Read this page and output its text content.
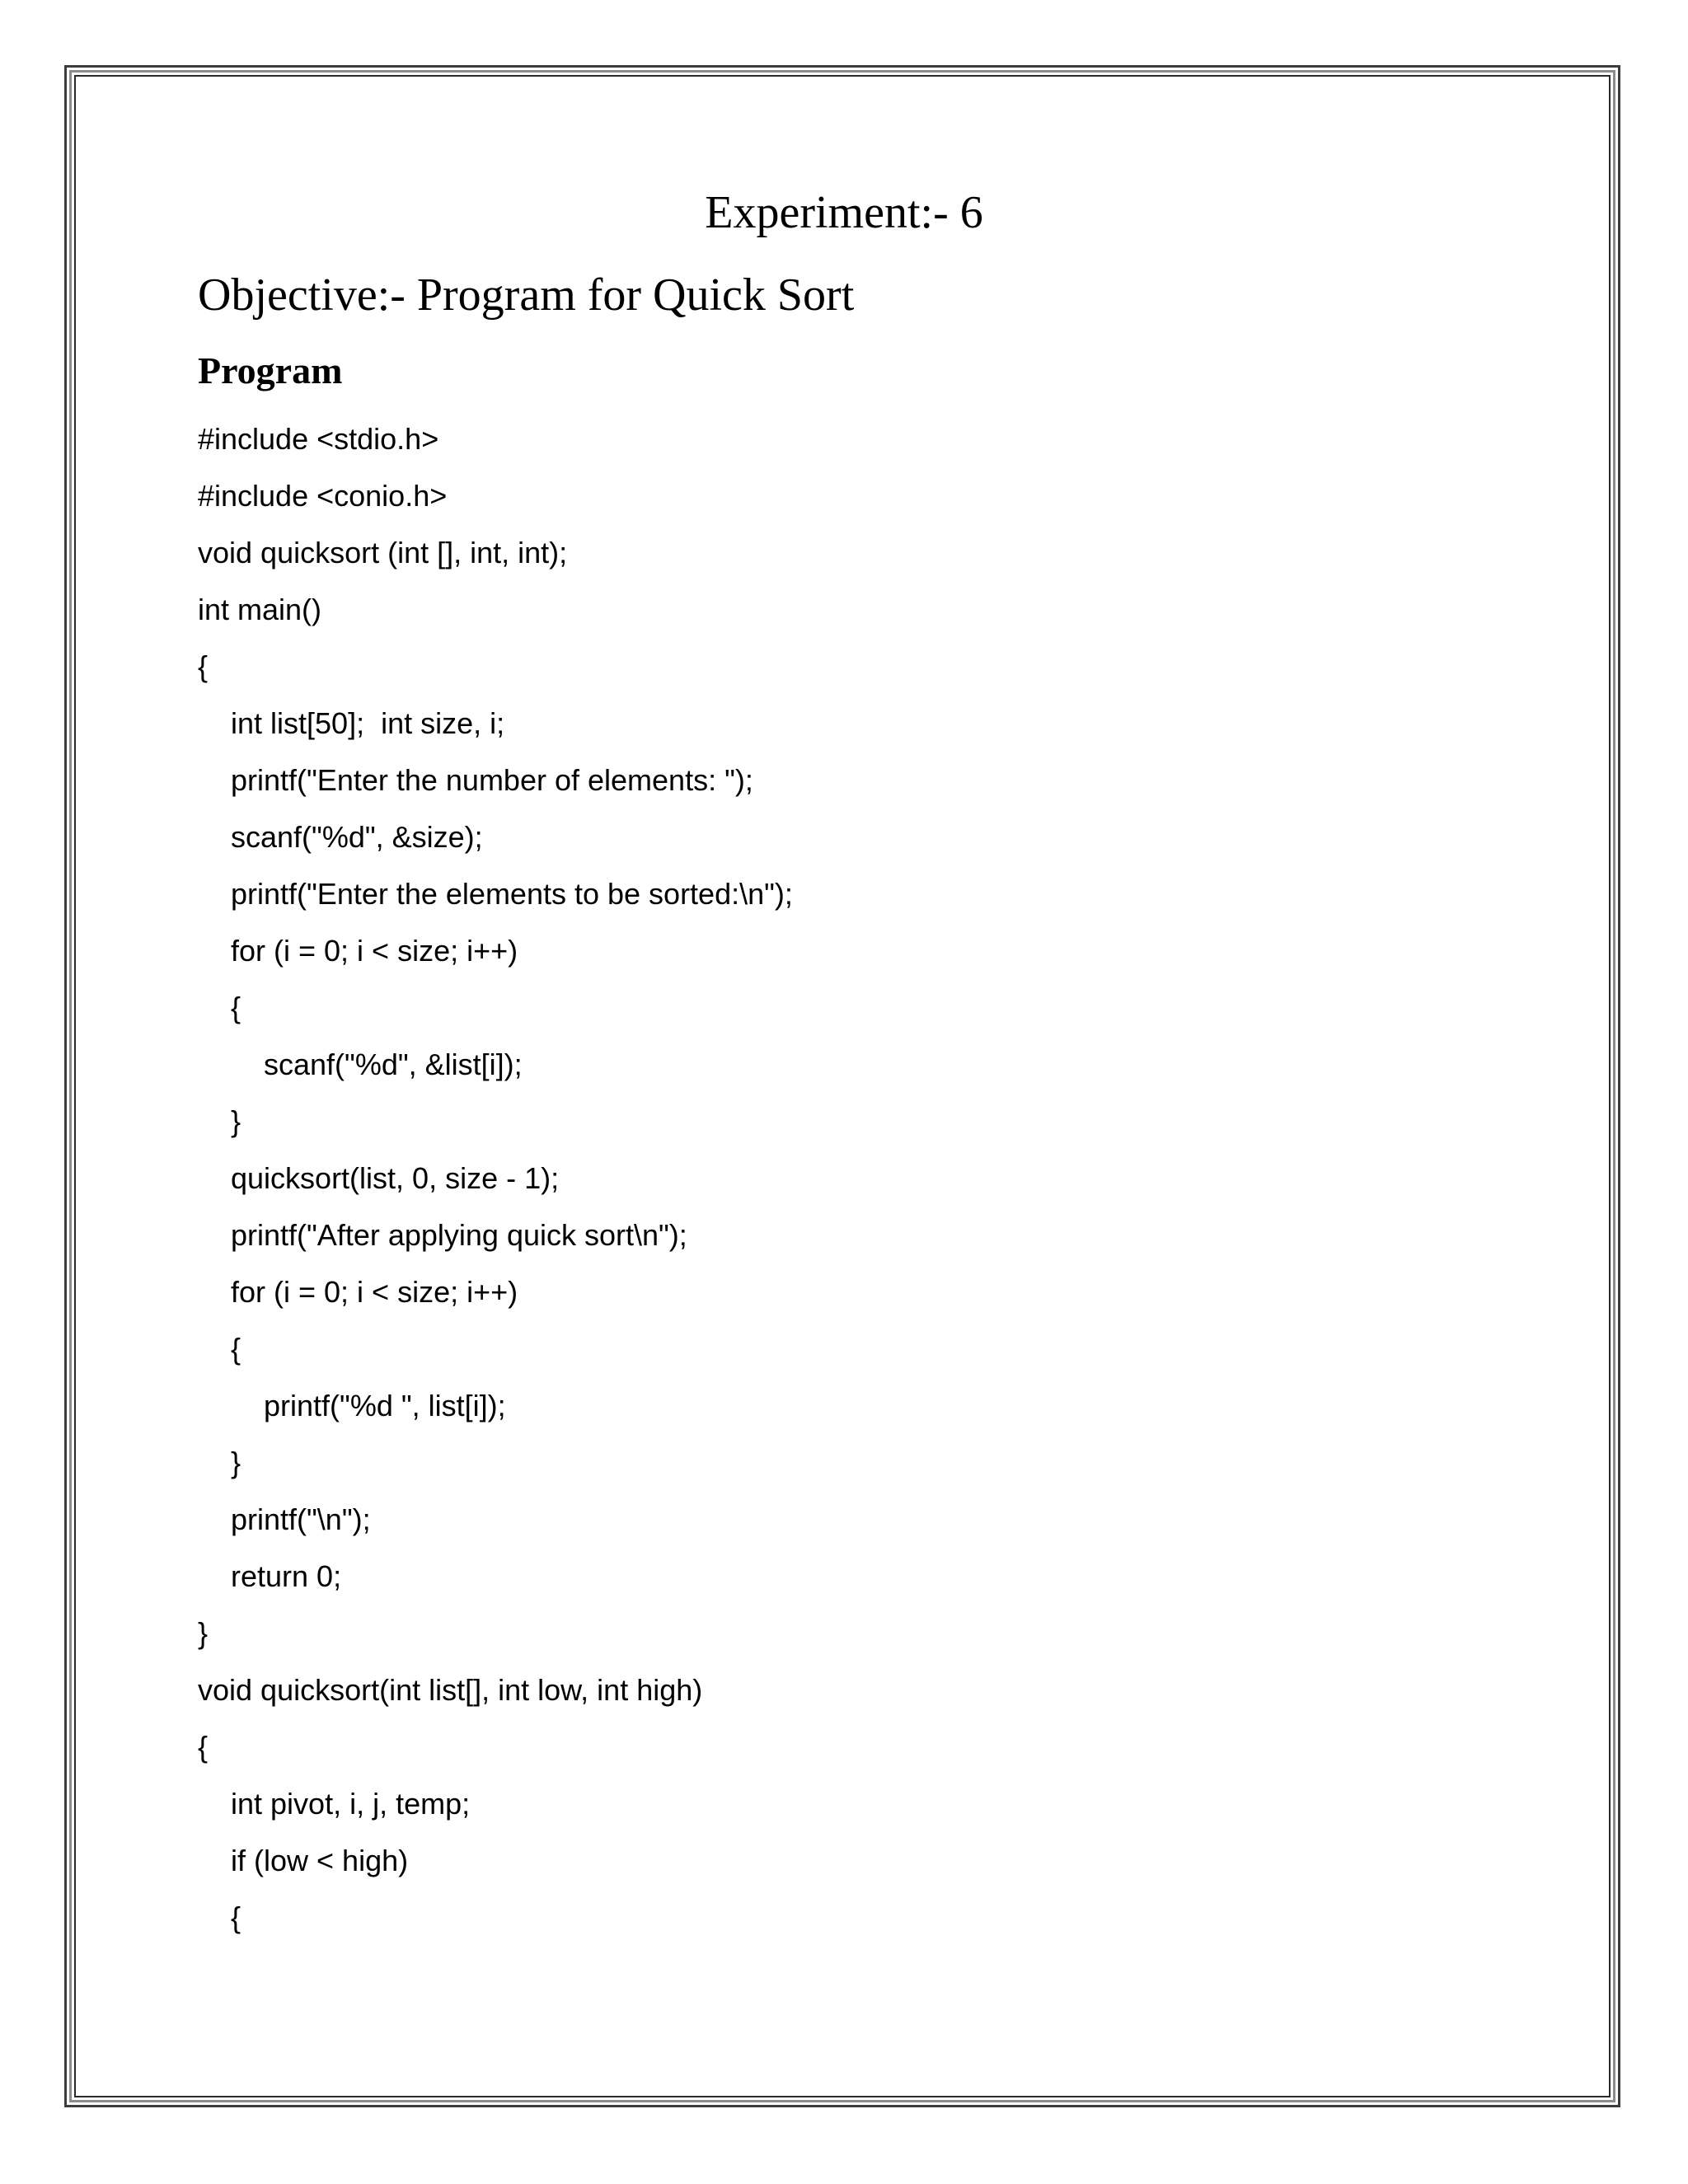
Experiment:- 6
Objective:- Program for Quick Sort
Program
#include <stdio.h>
#include <conio.h>
void quicksort (int [], int, int);
int main()
{
int list[50];  int size, i;
printf("Enter the number of elements: ");
scanf("%d", &size);
printf("Enter the elements to be sorted:\n");
for (i = 0; i < size; i++)
{
scanf("%d", &list[i]);
}
quicksort(list, 0, size - 1);
printf("After applying quick sort\n");
for (i = 0; i < size; i++)
{
printf("%d ", list[i]);
}
printf("\n");
return 0;
}
void quicksort(int list[], int low, int high)
{
int pivot, i, j, temp;
if (low < high)
{
